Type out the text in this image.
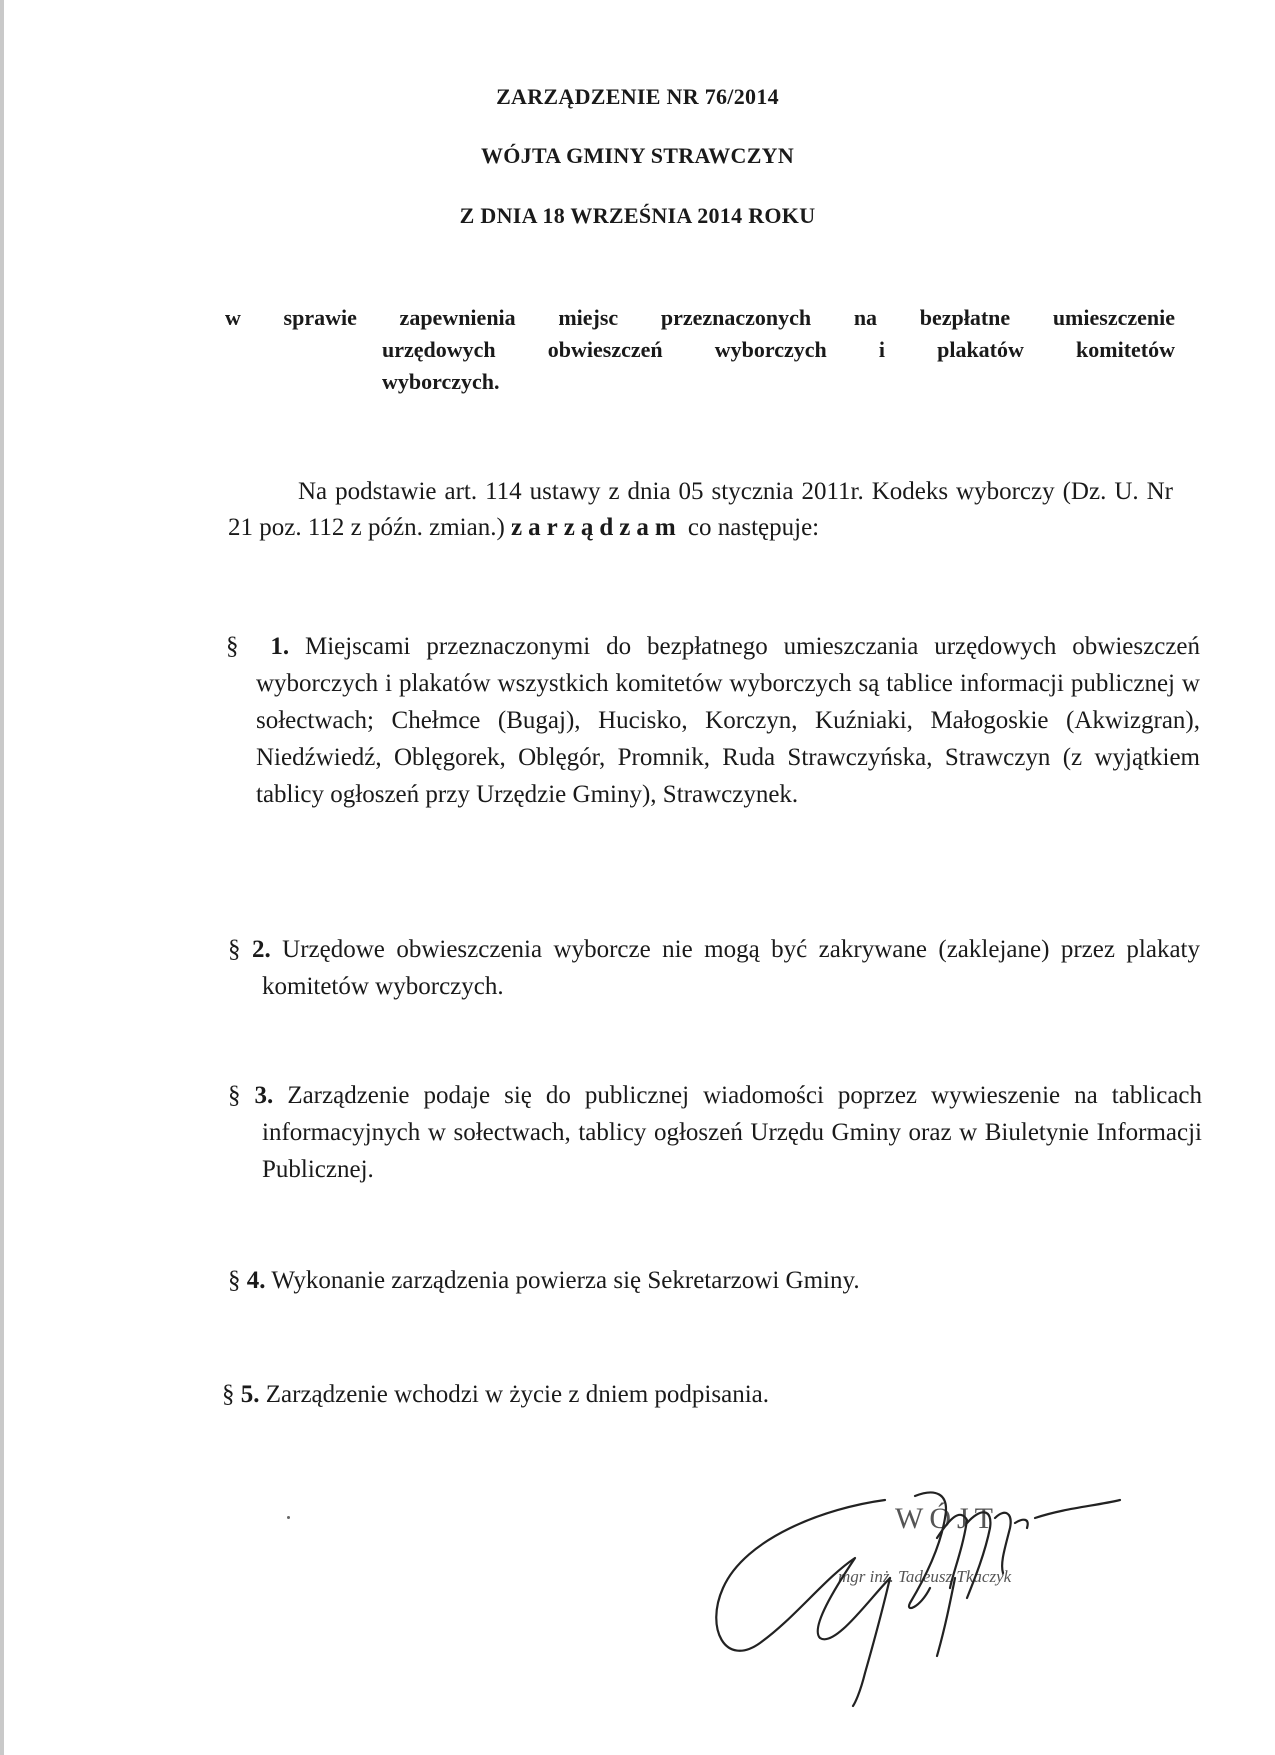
ZARZĄDZENIE NR 76/2014
WÓJTA GMINY STRAWCZYN
Z DNIA 18 WRZEŚNIA 2014 ROKU
w sprawie zapewnienia miejsc przeznaczonych na bezpłatne umieszczenie
urzędowych obwieszczeń wyborczych i plakatów komitetów
wyborczych.

Na podstawie art. 114 ustawy z dnia 05 stycznia 2011r. Kodeks wyborczy (Dz. U. Nr 21 poz. 112 z późn. zmian.) zarządzam co następuje:

§ 1. Miejscami przeznaczonymi do bezpłatnego umieszczania urzędowych obwieszczeń wyborczych i plakatów wszystkich komitetów wyborczych są tablice informacji publicznej w sołectwach; Chełmce (Bugaj), Hucisko, Korczyn, Kuźniaki, Małogoskie (Akwizgran), Niedźwiedź, Oblęgorek, Oblęgór, Promnik, Ruda Strawczyńska, Strawczyn (z wyjątkiem tablicy ogłoszeń przy Urzędzie Gminy), Strawczynek.

§ 2. Urzędowe obwieszczenia wyborcze nie mogą być zakrywane (zaklejane) przez plakaty komitetów wyborczych.

§ 3. Zarządzenie podaje się do publicznej wiadomości poprzez wywieszenie na tablicach informacyjnych w sołectwach, tablicy ogłoszeń Urzędu Gminy oraz w Biuletynie Informacji Publicznej.

§ 4. Wykonanie zarządzenia powierza się Sekretarzowi Gminy.

§ 5. Zarządzenie wchodzi w życie z dniem podpisania.

WÓJT
mgr inż. Tadeusz Tkaczyk
